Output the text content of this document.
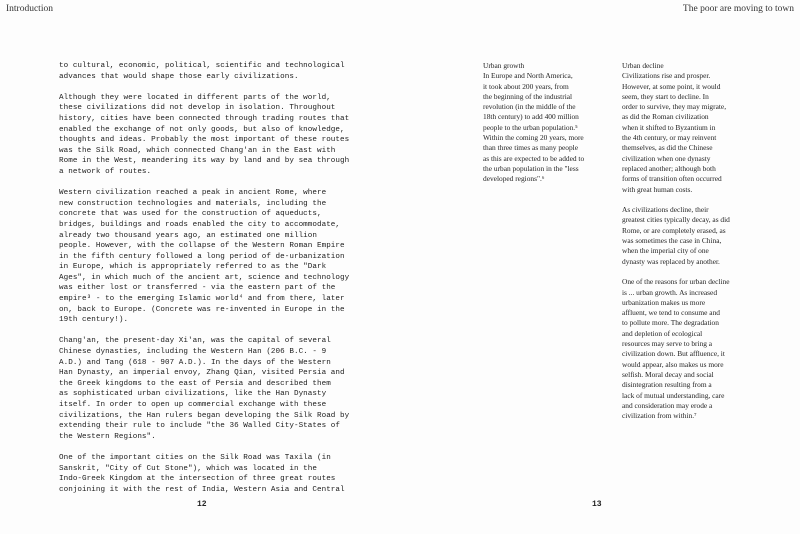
Introduction

to cultural, economic, political, scientific and technological
advances that would shape those early civilizations.

Although they were located in different parts of the world,
these civilizations did not develop in isolation. Throughout
history, cities have been connected through trading routes that
enabled the exchange of not only goods, but also of knowledge,
thoughts and ideas. Probably the most important of these routes
was the Silk Road, which connected Chang'an in the East with
Rome in the West, meandering its way by land and by sea through
a network of routes.

Western civilization reached a peak in ancient Rome, where
new construction technologies and materials, including the
concrete that was used for the construction of aqueducts,
bridges, buildings and roads enabled the city to accommodate,
already two thousand years ago, an estimated one million
people. However, with the collapse of the Western Roman Empire
in the fifth century followed a long period of de-urbanization
in Europe, which is appropriately referred to as the "Dark
Ages", in which much of the ancient art, science and technology
was either lost or transferred - via the eastern part of the
empire³ - to the emerging Islamic world⁴ and from there, later
on, back to Europe. (Concrete was re-invented in Europe in the
19th century!).

Chang'an, the present-day Xi'an, was the capital of several
Chinese dynasties, including the Western Han (206 B.C. - 9
A.D.) and Tang (618 - 907 A.D.). In the days of the Western
Han Dynasty, an imperial envoy, Zhang Qian, visited Persia and
the Greek kingdoms to the east of Persia and described them
as sophisticated urban civilizations, like the Han Dynasty
itself. In order to open up commercial exchange with these
civilizations, the Han rulers began developing the Silk Road by
extending their rule to include "the 36 Walled City-States of
the Western Regions".

One of the important cities on the Silk Road was Taxila (in
Sanskrit, "City of Cut Stone"), which was located in the
Indo-Greek Kingdom at the intersection of three great routes
conjoining it with the rest of India, Western Asia and Central

12
The poor are moving to town
Urban growth

In Europe and North America,
it took about 200 years, from
the beginning of the industrial
revolution (in the middle of the
18th century) to add 400 million
people to the urban population.⁵
Within the coming 20 years, more
than three times as many people
as this are expected to be added to
the urban population in the "less
developed regions".⁶

Urban decline

Civilizations rise and prosper.
However, at some point, it would
seem, they start to decline. In
order to survive, they may migrate,
as did the Roman civilization
when it shifted to Byzantium in
the 4th century, or may reinvent
themselves, as did the Chinese
civilization when one dynasty
replaced another; although both
forms of transition often occurred
with great human costs.

As civilizations decline, their
greatest cities typically decay, as did
Rome, or are completely erased, as
was sometimes the case in China,
when the imperial city of one
dynasty was replaced by another.

One of the reasons for urban decline
is ... urban growth. As increased
urbanization makes us more
affluent, we tend to consume and
to pollute more. The degradation
and depletion of ecological
resources may serve to bring a
civilization down. But affluence, it
would appear, also makes us more
selfish. Moral decay and social
disintegration resulting from a
lack of mutual understanding, care
and consideration may erode a
civilization from within.⁷

13
